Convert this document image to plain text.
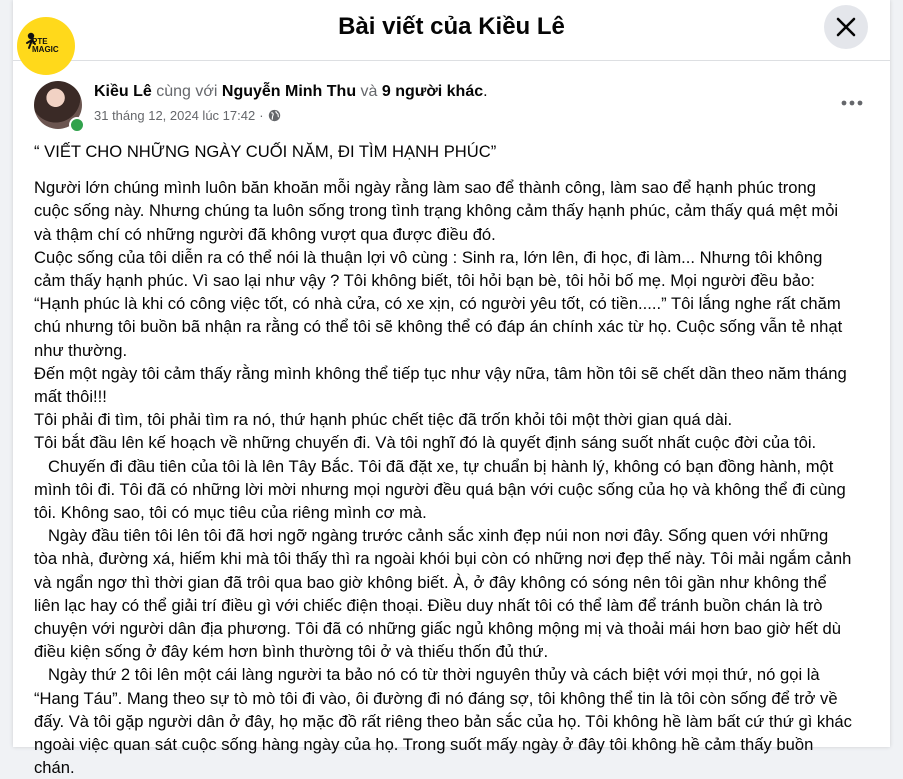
Bài viết của Kiều Lê
Kiều Lê cùng với Nguyễn Minh Thu và 9 người khác.
31 tháng 12, 2024 lúc 17:42 ·

“ VIẾT CHO NHỮNG NGÀY CUỐI NĂM, ĐI TÌM HẠNH PHÚC”

Người lớn chúng mình luôn băn khoăn mỗi ngày rằng làm sao để thành công, làm sao để hạnh phúc trong cuộc sống này. Nhưng chúng ta luôn sống trong tình trạng không cảm thấy hạnh phúc, cảm thấy quá mệt mỏi và thậm chí có những người đã không vượt qua được điều đó.

Cuộc sống của tôi diễn ra có thể nói là thuận lợi vô cùng : Sinh ra, lớn lên, đi học, đi làm... Nhưng tôi không cảm thấy hạnh phúc. Vì sao lại như vậy ? Tôi không biết, tôi hỏi bạn bè, tôi hỏi bố mẹ. Mọi người đều bảo: “Hạnh phúc là khi có công việc tốt, có nhà cửa, có xe xịn, có người yêu tốt, có tiền.....” Tôi lắng nghe rất chăm chú nhưng tôi buồn bã nhận ra rằng có thể tôi sẽ không thể có đáp án chính xác từ họ. Cuộc sống vẫn tẻ nhạt như thường.

Đến một ngày tôi cảm thấy rằng mình không thể tiếp tục như vậy nữa, tâm hồn tôi sẽ chết dần theo năm tháng mất thôi!!!

Tôi phải đi tìm, tôi phải tìm ra nó, thứ hạnh phúc chết tiệc đã trốn khỏi tôi một thời gian quá dài.

Tôi bắt đầu lên kế hoạch về những chuyến đi. Và tôi nghĩ đó là quyết định sáng suốt nhất cuộc đời của tôi.

Chuyến đi đầu tiên của tôi là lên Tây Bắc. Tôi đã đặt xe, tự chuẩn bị hành lý, không có bạn đồng hành, một mình tôi đi. Tôi đã có những lời mời nhưng mọi người đều quá bận với cuộc sống của họ và không thể đi cùng tôi. Không sao, tôi có mục tiêu của riêng mình cơ mà.

Ngày đầu tiên tôi lên tôi đã hơi ngỡ ngàng trước cảnh sắc xinh đẹp núi non nơi đây. Sống quen với những tòa nhà, đường xá, hiếm khi mà tôi thấy thì ra ngoài khói bụi còn có những nơi đẹp thế này. Tôi mải ngắm cảnh và ngẩn ngơ thì thời gian đã trôi qua bao giờ không biết. À, ở đây không có sóng nên tôi gần như không thể liên lạc hay có thể giải trí điều gì với chiếc điện thoại. Điều duy nhất tôi có thể làm để tránh buồn chán là trò chuyện với người dân địa phương. Tôi đã có những giấc ngủ không mộng mị và thoải mái hơn bao giờ hết dù điều kiện sống ở đây kém hơn bình thường tôi ở và thiếu thốn đủ thứ.

Ngày thứ 2 tôi lên một cái làng người ta bảo nó có từ thời nguyên thủy và cách biệt với mọi thứ, nó gọi là “Hang Táu”. Mang theo sự tò mò tôi đi vào, ôi đường đi nó đáng sợ, tôi không thể tin là tôi còn sống để trở về đấy. Và tôi gặp người dân ở đây, họ mặc đồ rất riêng theo bản sắc của họ. Tôi không hề làm bất cứ thứ gì khác ngoài việc quan sát cuộc sống hàng ngày của họ. Trong suốt mấy ngày ở đây tôi không hề cảm thấy buồn chán.

PTE
MAGIC
